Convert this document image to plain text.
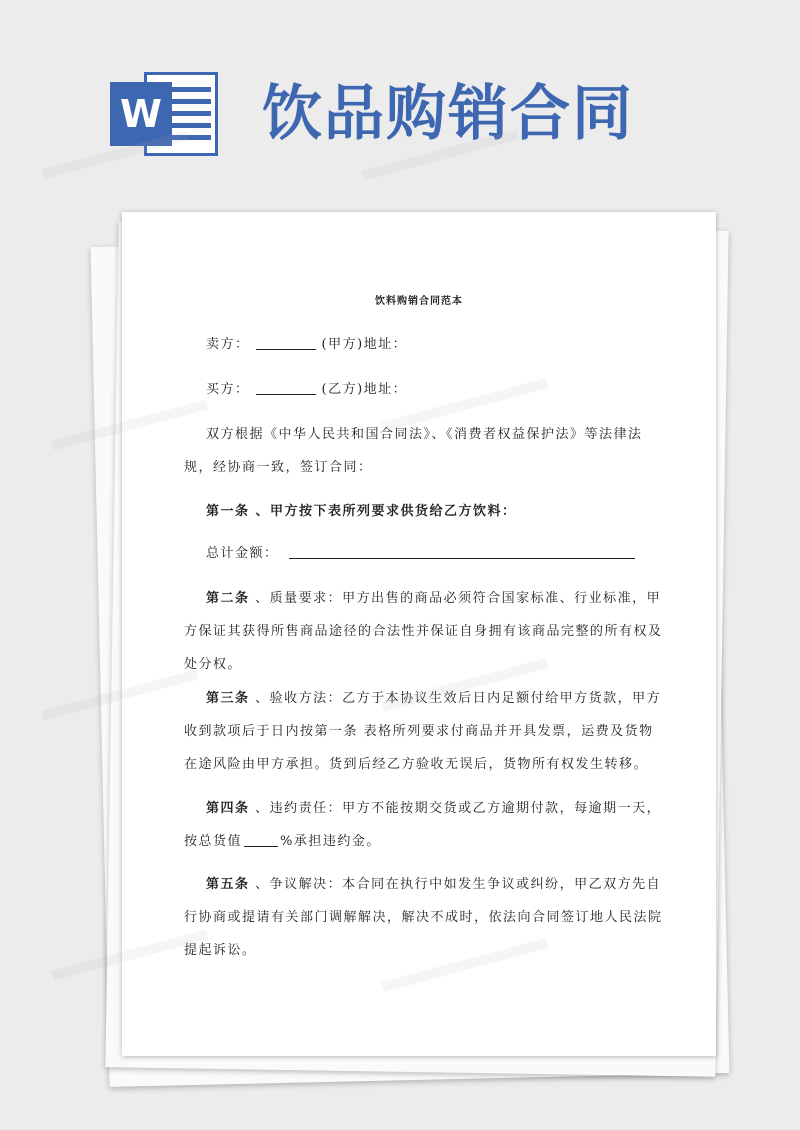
W 饮品购销合同
饮料购销合同范本
卖方：	(甲方)地址：
买方：	(乙方)地址：
双方根据《中华人民共和国合同法》、《消费者权益保护法》等法律法规，经协商一致，签订合同：
第一条 、甲方按下表所列要求供货给乙方饮料：
总计金额：
第二条 、质量要求：甲方出售的商品必须符合国家标准、行业标准，甲方保证其获得所售商品途径的合法性并保证自身拥有该商品完整的所有权及处分权。
第三条 、验收方法：乙方于本协议生效后日内足额付给甲方货款，甲方收到款项后于日内按第一条 表格所列要求付商品并开具发票，运费及货物在途风险由甲方承担。货到后经乙方验收无误后，货物所有权发生转移。
第四条 、违约责任：甲方不能按期交货或乙方逾期付款，每逾期一天，按总货值	%承担违约金。
第五条 、争议解决：本合同在执行中如发生争议或纠纷，甲乙双方先自行协商或提请有关部门调解解决，解决不成时，依法向合同签订地人民法院提起诉讼。
